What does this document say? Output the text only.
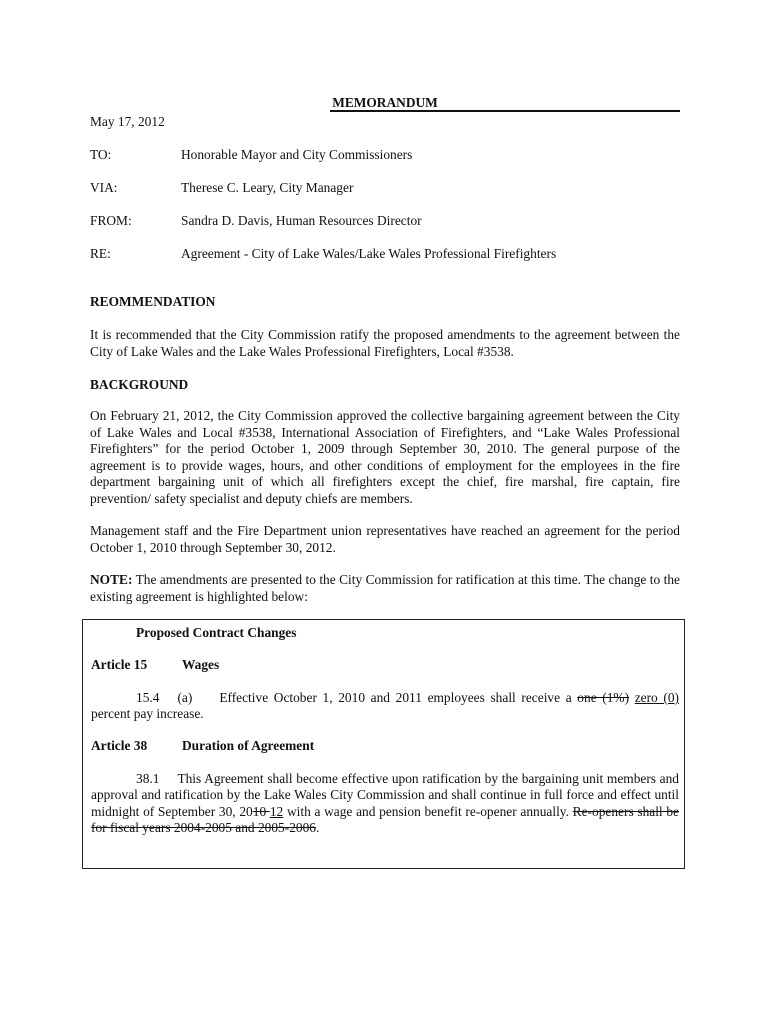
MEMORANDUM
May 17, 2012
TO:	Honorable Mayor and City Commissioners
VIA:	Therese C. Leary, City Manager
FROM:	Sandra D. Davis, Human Resources Director
RE:	Agreement - City of Lake Wales/Lake Wales Professional Firefighters
REOMMENDATION

It is recommended that the City Commission ratify the proposed amendments to the agreement between the City of Lake Wales and the Lake Wales Professional Firefighters, Local #3538.

BACKGROUND

On February 21, 2012, the City Commission approved the collective bargaining agreement between the City of Lake Wales and Local #3538, International Association of Firefighters, and “Lake Wales Professional Firefighters” for the period October 1, 2009 through September 30, 2010. The general purpose of the agreement is to provide wages, hours, and other conditions of employment for the employees in the fire department bargaining unit of which all firefighters except the chief, fire marshal, fire captain, fire prevention/ safety specialist and deputy chiefs are members.

Management staff and the Fire Department union representatives have reached an agreement for the period October 1, 2010 through September 30, 2012.

NOTE: The amendments are presented to the City Commission for ratification at this time. The change to the existing agreement is highlighted below:

Proposed Contract Changes
Article 15	Wages

15.4 (a) Effective October 1, 2010 and 2011 employees shall receive a one (1%) zero (0) percent pay increase.

Article 38	Duration of Agreement

38.1 This Agreement shall become effective upon ratification by the bargaining unit members and approval and ratification by the Lake Wales City Commission and shall continue in full force and effect until midnight of September 30, 2010 12 with a wage and pension benefit re-opener annually. Re-openers shall be for fiscal years 2004-2005 and 2005-2006.
